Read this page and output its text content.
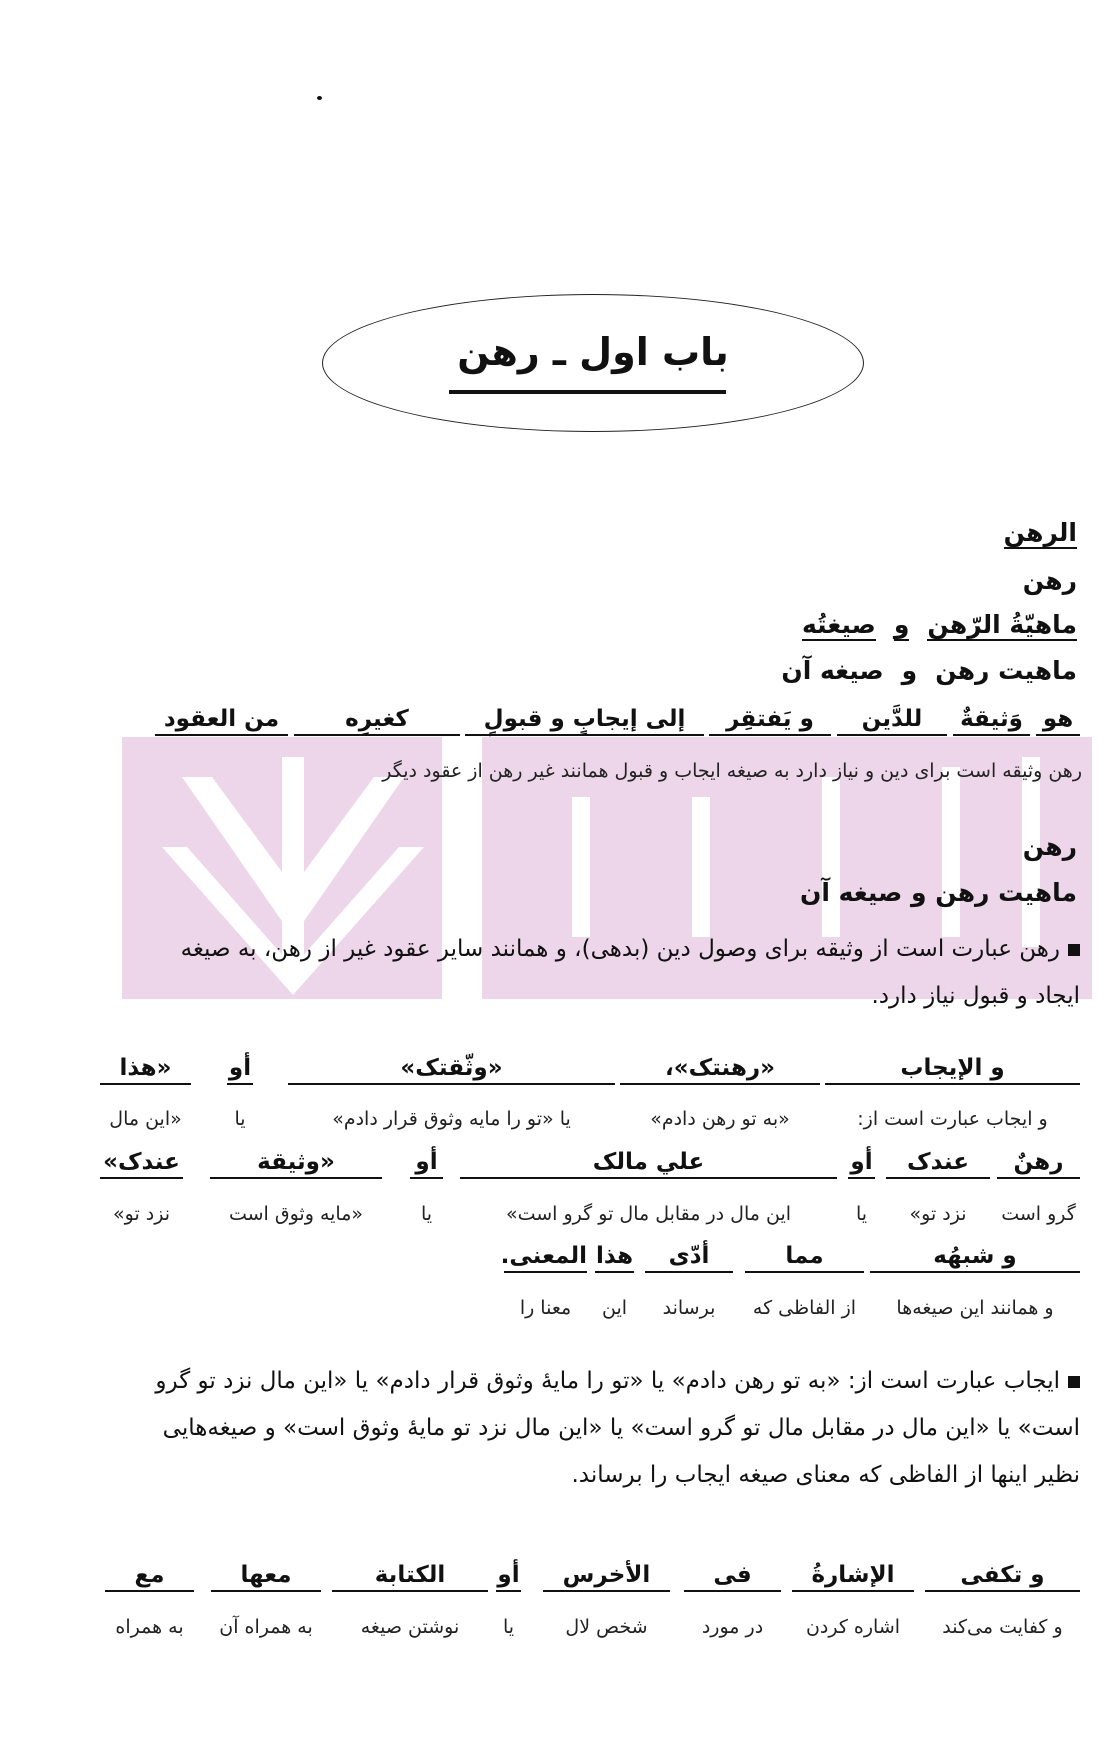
باب اول ـ رهن
الرهن
رهن
ماهيّةُ الرّهن
و
صيغتُه
ماهيت رهن
و
صيغه آن
هو
وَثيقةٌ
للدَّين
و يَفتقِر
إلى إيجابٍ و قبولٍ
كغيرِه
من العقود
رهن وثيقه است برای دین و نیاز دارد به صیغه ایجاب و قبول همانند غیر رهن از عقود دیگر
و الإيجاب
«رهنتک»،
«وثّقتک»
أو
«هذا
و ایجاب عبارت است از:
«به تو رهن دادم»
یا «تو را مایه وثوق قرار دادم»
یا
«این مال
رهنٌ
عندک
أو
علي مالک
أو
«وثيقة
عندک»
گرو است
نزد تو»
یا
این مال در مقابل مال تو گرو است»
یا
«مایه وثوق است
نزد تو»
و شبهُه
مما
أدّى
هذا
المعنى.
و همانند این صیغه‌ها
از الفاظی که
برساند
این
معنا را
و تكفى
الإشارةُ
فى
الأخرس
أو
الكتابة
معها
مع
و کفایت می‌کند
اشاره کردن
در مورد
شخص لال
یا
نوشتن صیغه
به همراه آن
به همراه
رهن
ماهیت رهن و صیغه آن
رهن عبارت است از وثیقه برای وصول دین (بدهی)، و همانند سایر عقود غیر از رهن، به صیغه
ایجاد و قبول نیاز دارد.
ایجاب عبارت است از: «به تو رهن دادم» یا «تو را مایهٔ وثوق قرار دادم» یا «این مال نزد تو گرو
است» یا «این مال در مقابل مال تو گرو است» یا «این مال نزد تو مایهٔ وثوق است» و صیغه‌هایی
نظیر اینها از الفاظی که معنای صیغه ایجاب را برساند.
